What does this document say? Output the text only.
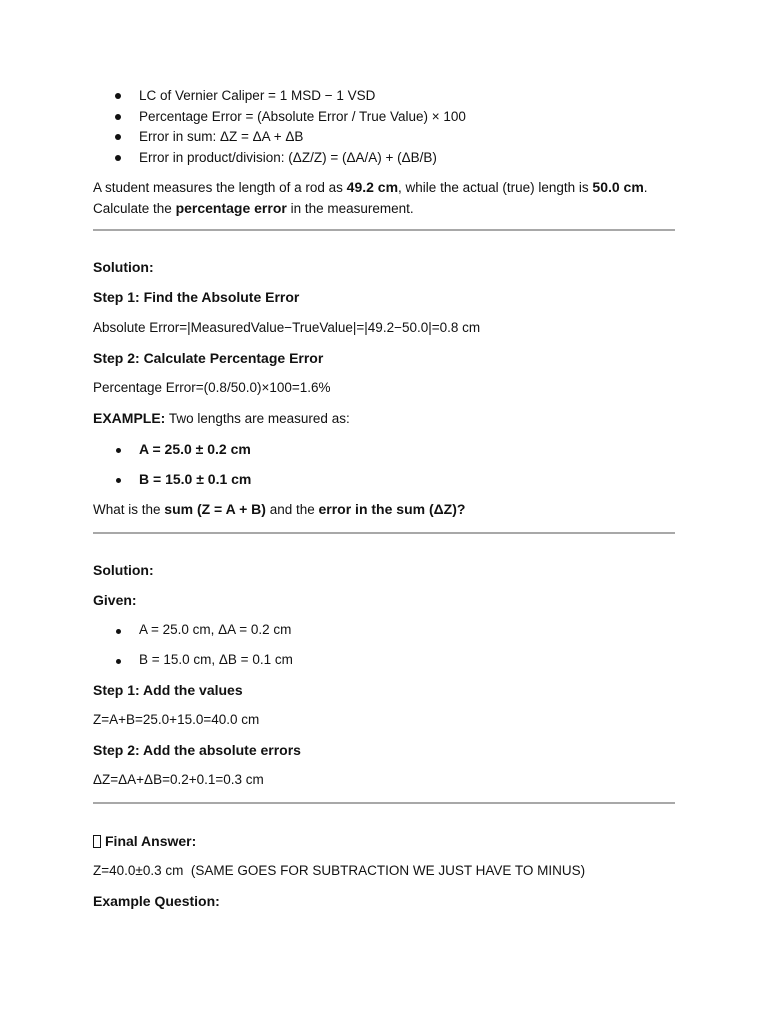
LC of Vernier Caliper = 1 MSD − 1 VSD
Percentage Error = (Absolute Error / True Value) × 100
Error in sum: ΔZ = ΔA + ΔB
Error in product/division: (ΔZ/Z) = (ΔA/A) + (ΔB/B)
A student measures the length of a rod as 49.2 cm, while the actual (true) length is 50.0 cm.
Calculate the percentage error in the measurement.
Solution:
Step 1: Find the Absolute Error
Absolute Error=|MeasuredValue−TrueValue|=|49.2−50.0|=0.8 cm
Step 2: Calculate Percentage Error
Percentage Error=(0.8/50.0)×100=1.6%
EXAMPLE: Two lengths are measured as:
A = 25.0 ± 0.2 cm
B = 15.0 ± 0.1 cm
What is the sum (Z = A + B) and the error in the sum (ΔZ)?
Solution:
Given:
A = 25.0 cm, ΔA = 0.2 cm
B = 15.0 cm, ΔB = 0.1 cm
Step 1: Add the values
Z=A+B=25.0+15.0=40.0 cm
Step 2: Add the absolute errors
ΔZ=ΔA+ΔB=0.2+0.1=0.3 cm
Final Answer:
Z=40.0±0.3 cm  (SAME GOES FOR SUBTRACTION WE JUST HAVE TO MINUS)
Example Question:
